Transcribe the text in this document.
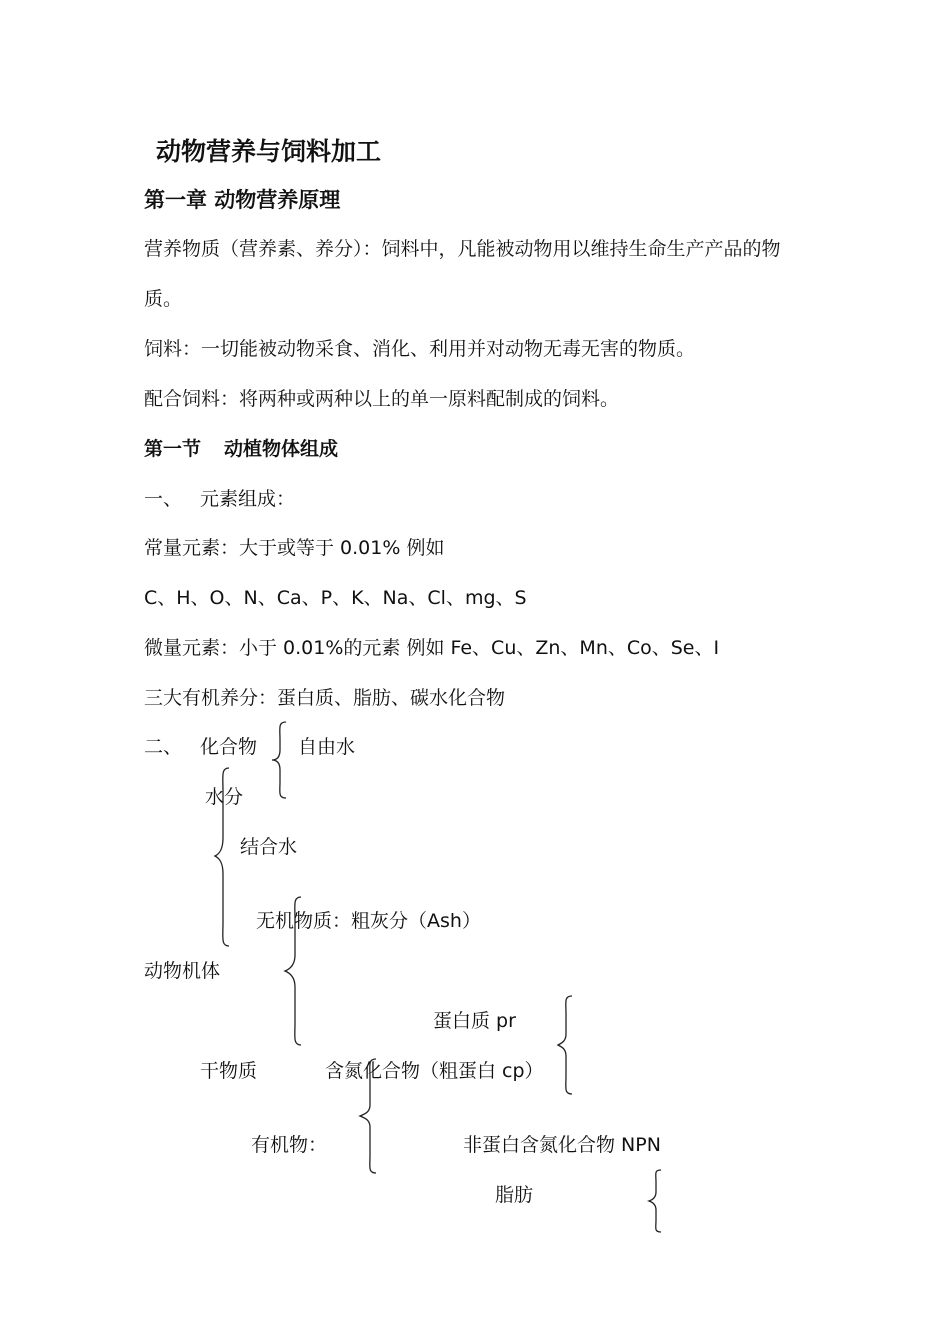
动物营养与饲料加工
第一章 动物营养原理
营养物质（营养素、养分）：饲料中，凡能被动物用以维持生命生产产品的物
质。
饲料：一切能被动物采食、消化、利用并对动物无毒无害的物质。
配合饲料：将两种或两种以上的单一原料配制成的饲料。
第一节 动植物体组成
一、 元素组成：
常量元素：大于或等于 0.01% 例如
C、H、O、N、Ca、P、K、Na、Cl、mg、S
微量元素：小于 0.01%的元素 例如 Fe、Cu、Zn、Mn、Co、Se、I
三大有机养分：蛋白质、脂肪、碳水化合物
二、 化合物 自由水
水分
结合水
无机物质：粗灰分（Ash）
动物机体
蛋白质 pr
干物质	含氮化合物（粗蛋白 cp）
有机物：	非蛋白含氮化合物 NPN
脂肪
